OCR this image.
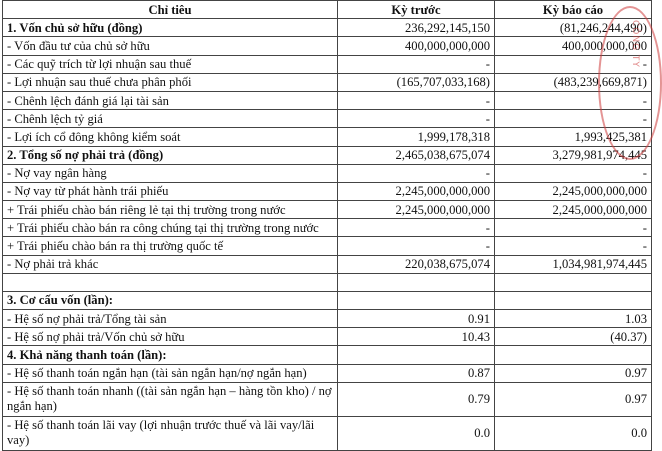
Chỉ tiêu	Kỳ trước	Kỳ báo cáo
1. Vốn chủ sở hữu (đồng)	236,292,145,150	(81,246,244,490)
- Vốn đầu tư của chủ sở hữu	400,000,000,000	400,000,000,000
- Các quỹ trích từ lợi nhuận sau thuế	-	-
- Lợi nhuận sau thuế chưa phân phối	(165,707,033,168)	(483,239,669,871)
- Chênh lệch đánh giá lại tài sản	-	-
- Chênh lệch tỷ giá	-	-
- Lợi ích cổ đông không kiểm soát	1,999,178,318	1,993,425,381
2. Tổng số nợ phải trả (đồng)	2,465,038,675,074	3,279,981,974,445
- Nợ vay ngân hàng	-	-
- Nợ vay từ phát hành trái phiếu	2,245,000,000,000	2,245,000,000,000
+ Trái phiếu chào bán riêng lẻ tại thị trường trong nước	2,245,000,000,000	2,245,000,000,000
+ Trái phiếu chào bán ra công chúng tại thị trường trong nước	-	-
+ Trái phiếu chào bán ra thị trường quốc tế	-	-
- Nợ phải trả khác	220,038,675,074	1,034,981,974,445

3. Cơ cấu vốn (lần):		
- Hệ số nợ phải trả/Tổng tài sản	0.91	1.03
- Hệ số nợ phải trả/Vốn chủ sở hữu	10.43	(40.37)
4. Khả năng thanh toán (lần):		
- Hệ số thanh toán ngắn hạn (tài sản ngắn hạn/nợ ngắn hạn)	0.87	0.97
- Hệ số thanh toán nhanh ((tài sản ngắn hạn – hàng tồn kho) / nợ ngắn hạn)	0.79	0.97
- Hệ số thanh toán lãi vay (lợi nhuận trước thuế và lãi vay/lãi vay)	0.0	0.0
CÔNG TY
